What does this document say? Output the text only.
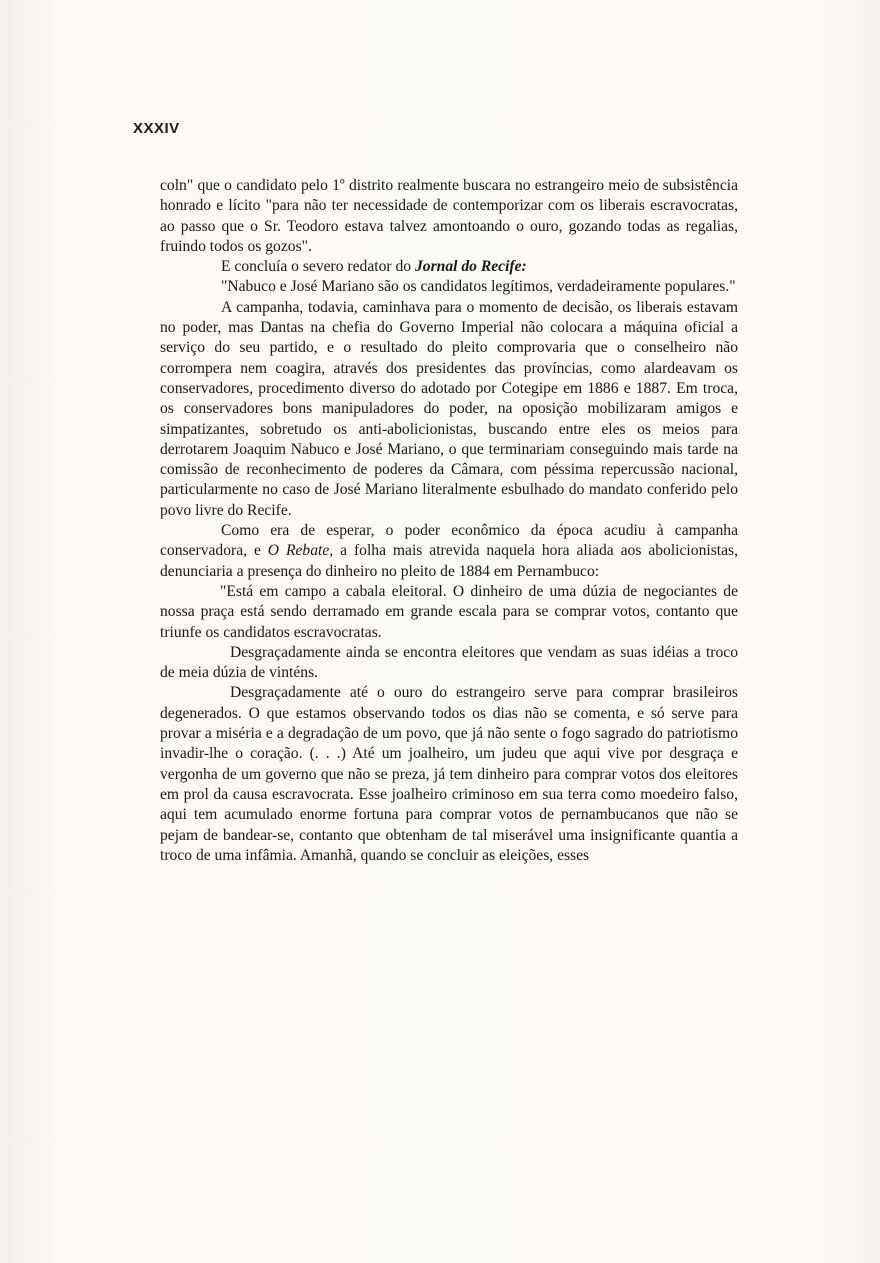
XXXIV

coln" que o candidato pelo 1º distrito realmente buscara no estrangeiro meio de subsistência honrado e lícito "para não ter necessidade de contemporizar com os liberais escravocratas, ao passo que o Sr. Teodoro estava talvez amontoando o ouro, gozando todas as regalias, fruindo todos os gozos".

E concluía o severo redator do Jornal do Recife:

"Nabuco e José Mariano são os candidatos legítimos, verdadeiramente populares."

A campanha, todavia, caminhava para o momento de decisão, os liberais estavam no poder, mas Dantas na chefia do Governo Imperial não colocara a máquina oficial a serviço do seu partido, e o resultado do pleito comprovaria que o conselheiro não corrompera nem coagira, através dos presidentes das províncias, como alardeavam os conservadores, procedimento diverso do adotado por Cotegipe em 1886 e 1887. Em troca, os conservadores bons manipuladores do poder, na oposição mobilizaram amigos e simpatizantes, sobretudo os anti-abolicionistas, buscando entre eles os meios para derrotarem Joaquim Nabuco e José Mariano, o que terminariam conseguindo mais tarde na comissão de reconhecimento de poderes da Câmara, com péssima repercussão nacional, particularmente no caso de José Mariano literalmente esbulhado do mandato conferido pelo povo livre do Recife.

Como era de esperar, o poder econômico da época acudiu à campanha conservadora, e O Rebate, a folha mais atrevida naquela hora aliada aos abolicionistas, denunciaria a presença do dinheiro no pleito de 1884 em Pernambuco:

"Está em campo a cabala eleitoral. O dinheiro de uma dúzia de negociantes de nossa praça está sendo derramado em grande escala para se comprar votos, contanto que triunfe os candidatos escravocratas.

Desgraçadamente ainda se encontra eleitores que vendam as suas idéias a troco de meia dúzia de vinténs.

Desgraçadamente até o ouro do estrangeiro serve para comprar brasileiros degenerados. O que estamos observando todos os dias não se comenta, e só serve para provar a miséria e a degradação de um povo, que já não sente o fogo sagrado do patriotismo invadir-lhe o coração. (. . .) Até um joalheiro, um judeu que aqui vive por desgraça e vergonha de um governo que não se preza, já tem dinheiro para comprar votos dos eleitores em prol da causa escravocrata. Esse joalheiro criminoso em sua terra como moedeiro falso, aqui tem acumulado enorme fortuna para comprar votos de pernambucanos que não se pejam de bandear-se, contanto que obtenham de tal miserável uma insignificante quantia a troco de uma infâmia. Amanhã, quando se concluir as eleições, esses
